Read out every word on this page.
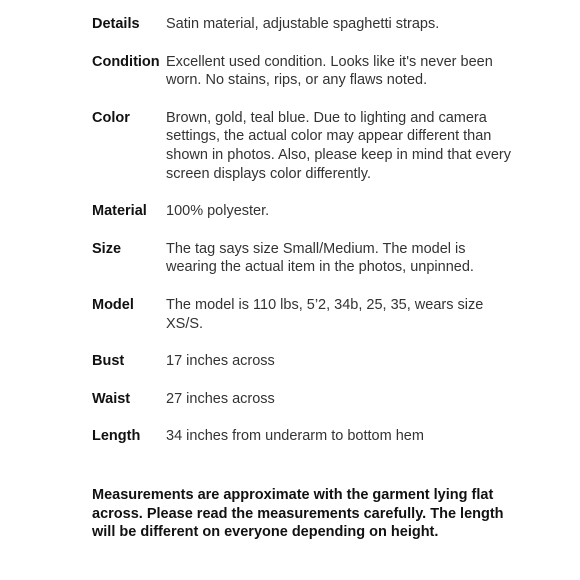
Details	Satin material, adjustable spaghetti straps.
Condition Excellent used condition. Looks like it's never been worn. No stains, rips, or any flaws noted.
Color	Brown, gold, teal blue. Due to lighting and camera settings, the actual color may appear different than shown in photos. Also, please keep in mind that every screen displays color differently.
Material	100% polyester.
Size	The tag says size Small/Medium. The model is wearing the actual item in the photos, unpinned.
Model	The model is 110 lbs, 5’2, 34b, 25, 35, wears size XS/S.
Bust	17 inches across
Waist	27 inches across
Length	34 inches from underarm to bottom hem
Measurements are approximate with the garment lying flat across. Please read the measurements carefully. The length will be different on everyone depending on height.
